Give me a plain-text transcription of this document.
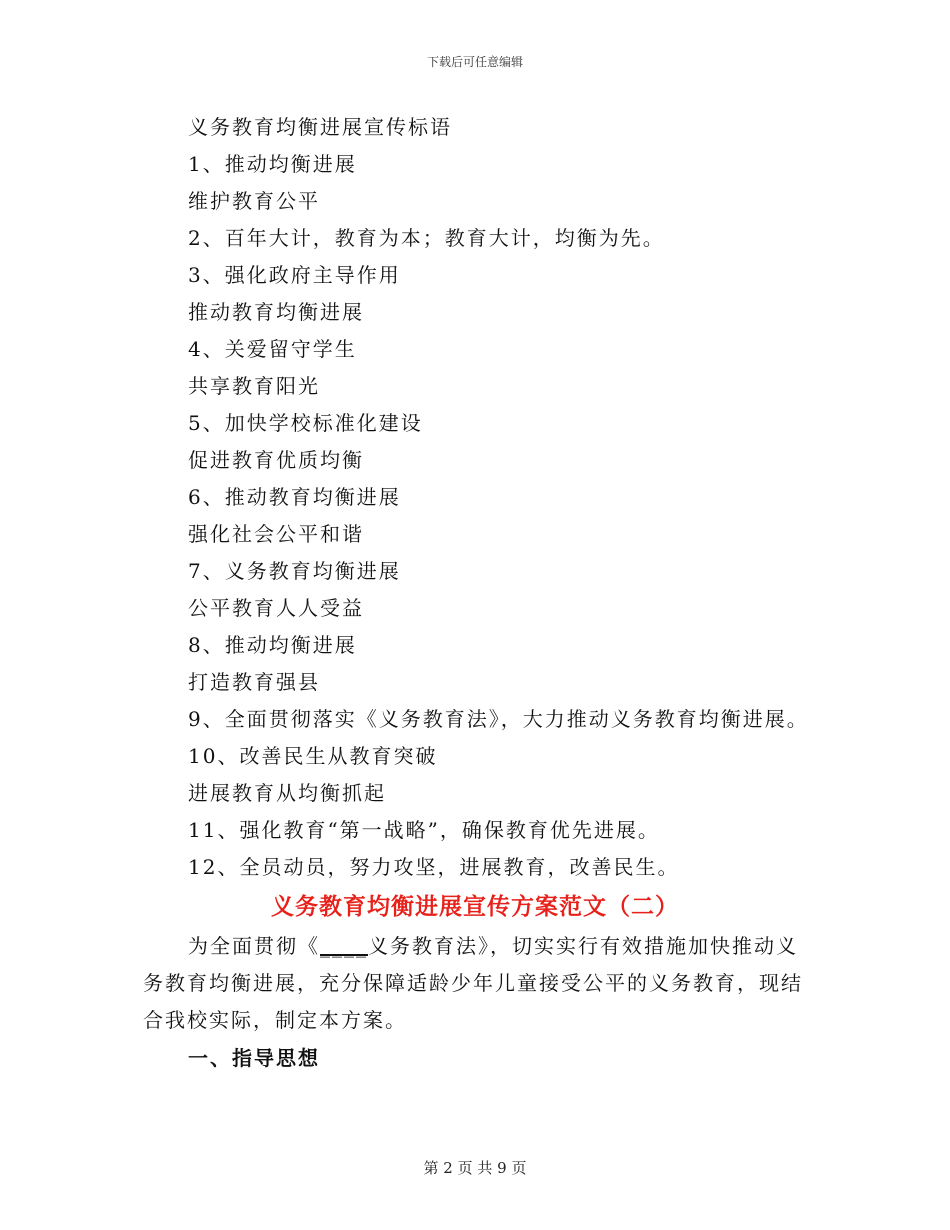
下载后可任意编辑
义务教育均衡进展宣传标语
1、推动均衡进展
维护教育公平
2、百年大计，教育为本；教育大计，均衡为先。
3、强化政府主导作用
推动教育均衡进展
4、关爱留守学生
共享教育阳光
5、加快学校标准化建设
促进教育优质均衡
6、推动教育均衡进展
强化社会公平和谐
7、义务教育均衡进展
公平教育人人受益
8、推动均衡进展
打造教育强县
9、全面贯彻落实《义务教育法》，大力推动义务教育均衡进展。
10、改善民生从教育突破
进展教育从均衡抓起
11、强化教育“第一战略”，确保教育优先进展。
12、全员动员，努力攻坚，进展教育，改善民生。
义务教育均衡进展宣传方案范文（二）
为全面贯彻《____义务教育法》，切实实行有效措施加快推动义务教育均衡进展，充分保障适龄少年儿童接受公平的义务教育，现结合我校实际，制定本方案。
一、指导思想
第 2 页 共 9 页
